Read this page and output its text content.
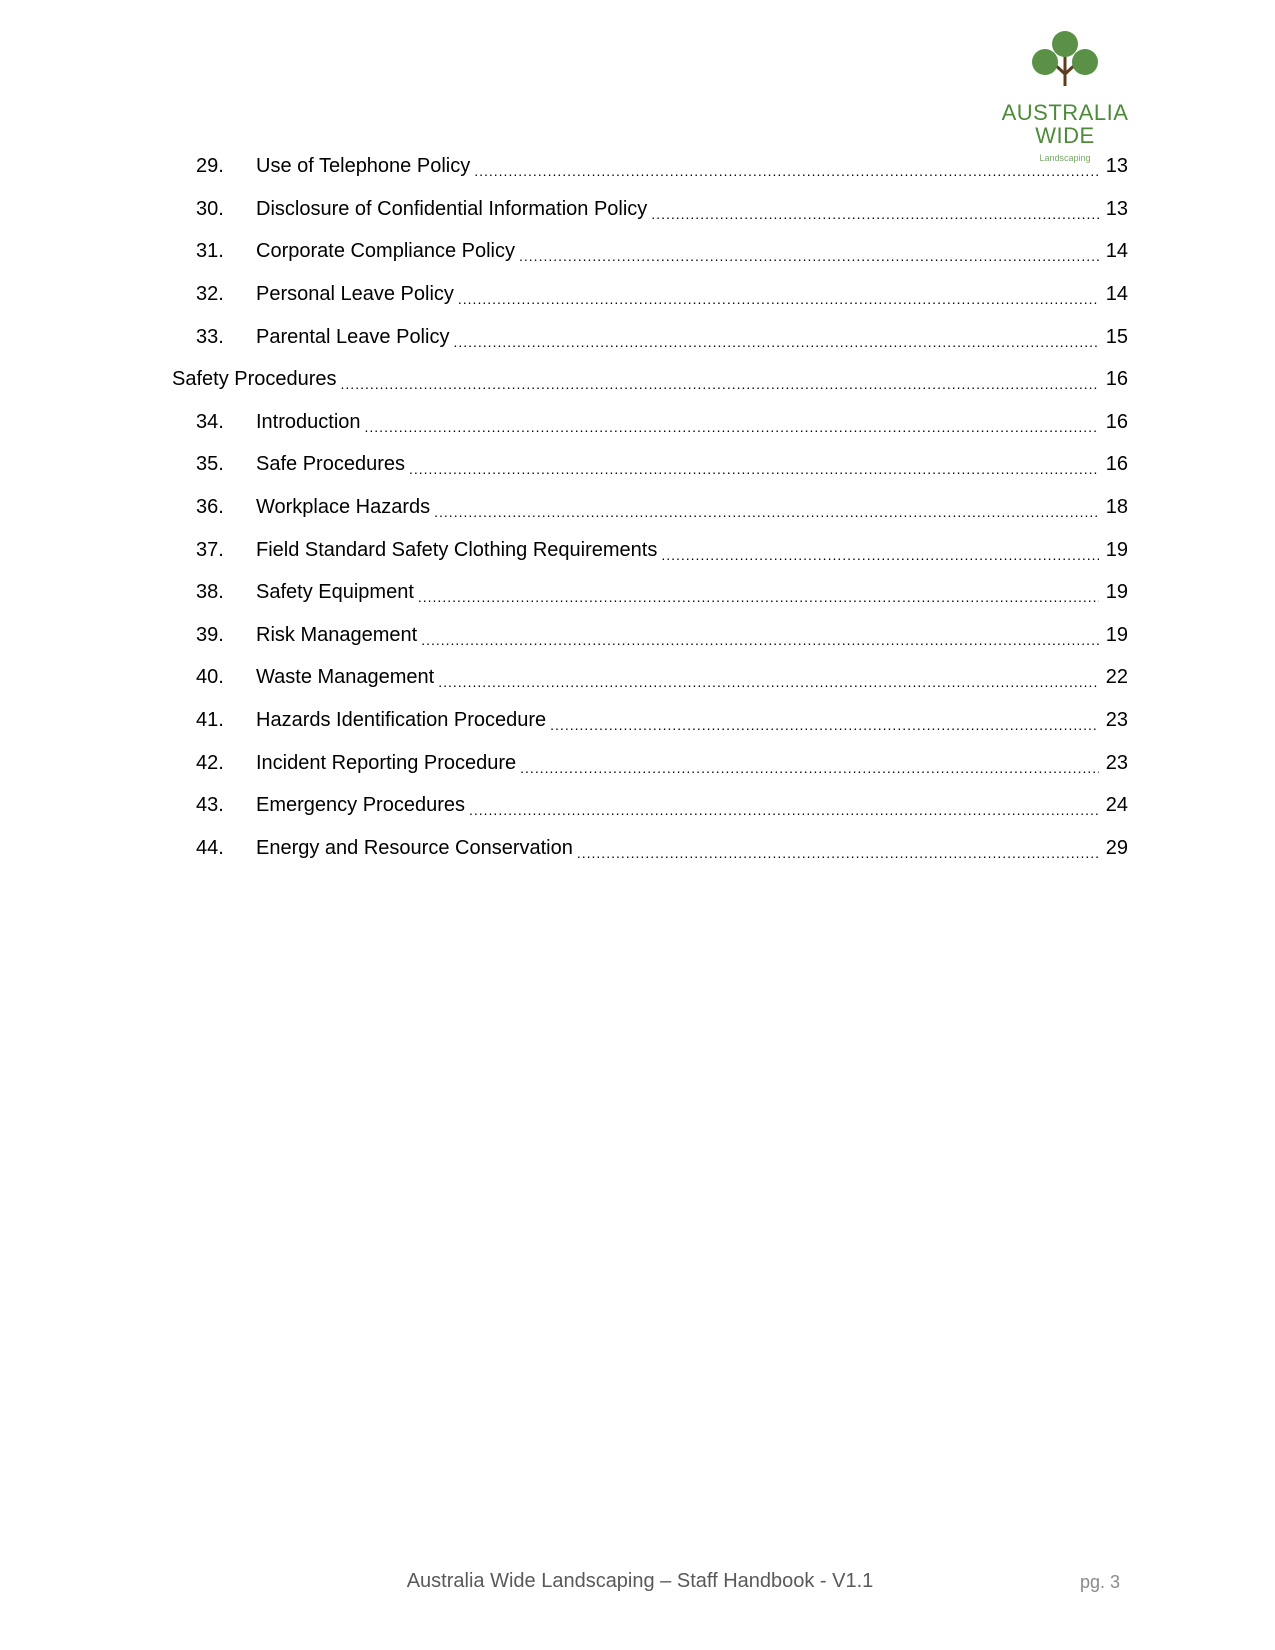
AUSTRALIA
WIDE
Landscaping
29.	Use of Telephone Policy .....	13
30.	Disclosure of Confidential Information Policy .....	13
31.	Corporate Compliance Policy .....	14
32.	Personal Leave Policy .....	14
33.	Parental Leave Policy .....	15
Safety Procedures .....	16
34.	Introduction .....	16
35.	Safe Procedures .....	16
36.	Workplace Hazards .....	18
37.	Field Standard Safety Clothing Requirements .....	19
38.	Safety Equipment .....	19
39.	Risk Management .....	19
40.	Waste Management .....	22
41.	Hazards Identification Procedure .....	23
42.	Incident Reporting Procedure .....	23
43.	Emergency Procedures .....	24
44.	Energy and Resource Conservation .....	29
Australia Wide Landscaping – Staff Handbook - V1.1	pg. 3
